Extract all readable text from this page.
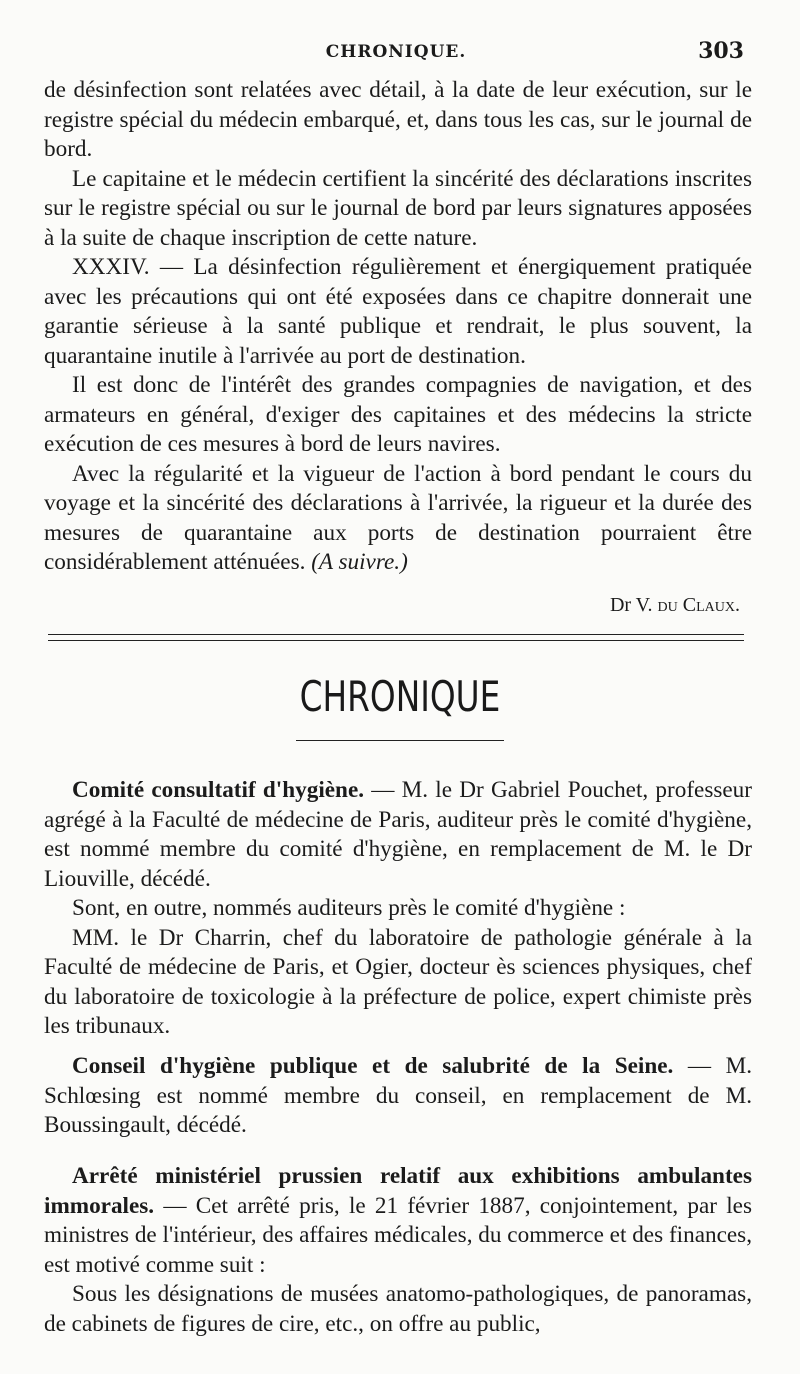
CHRONIQUE.	303

de désinfection sont relatées avec détail, à la date de leur exécution, sur le registre spécial du médecin embarqué, et, dans tous les cas, sur le journal de bord.

Le capitaine et le médecin certifient la sincérité des déclarations inscrites sur le registre spécial ou sur le journal de bord par leurs signatures apposées à la suite de chaque inscription de cette nature.

XXXIV. — La désinfection régulièrement et énergiquement pratiquée avec les précautions qui ont été exposées dans ce chapitre donnerait une garantie sérieuse à la santé publique et rendrait, le plus souvent, la quarantaine inutile à l'arrivée au port de destination.

Il est donc de l'intérêt des grandes compagnies de navigation, et des armateurs en général, d'exiger des capitaines et des médecins la stricte exécution de ces mesures à bord de leurs navires.

Avec la régularité et la vigueur de l'action à bord pendant le cours du voyage et la sincérité des déclarations à l'arrivée, la rigueur et la durée des mesures de quarantaine aux ports de destination pourraient être considérablement atténuées. (A suivre.)

Dr V. du Claux.
CHRONIQUE

Comité consultatif d'hygiène. — M. le Dr Gabriel Pouchet, professeur agrégé à la Faculté de médecine de Paris, auditeur près le comité d'hygiène, est nommé membre du comité d'hygiène, en remplacement de M. le Dr Liouville, décédé.

Sont, en outre, nommés auditeurs près le comité d'hygiène :

MM. le Dr Charrin, chef du laboratoire de pathologie générale à la Faculté de médecine de Paris, et Ogier, docteur ès sciences physiques, chef du laboratoire de toxicologie à la préfecture de police, expert chimiste près les tribunaux.

Conseil d'hygiène publique et de salubrité de la Seine. — M. Schlœsing est nommé membre du conseil, en remplacement de M. Boussingault, décédé.

Arrêté ministériel prussien relatif aux exhibitions ambulantes immorales. — Cet arrêté pris, le 21 février 1887, conjointement, par les ministres de l'intérieur, des affaires médicales, du commerce et des finances, est motivé comme suit :

Sous les désignations de musées anatomo-pathologiques, de panoramas, de cabinets de figures de cire, etc., on offre au public,
